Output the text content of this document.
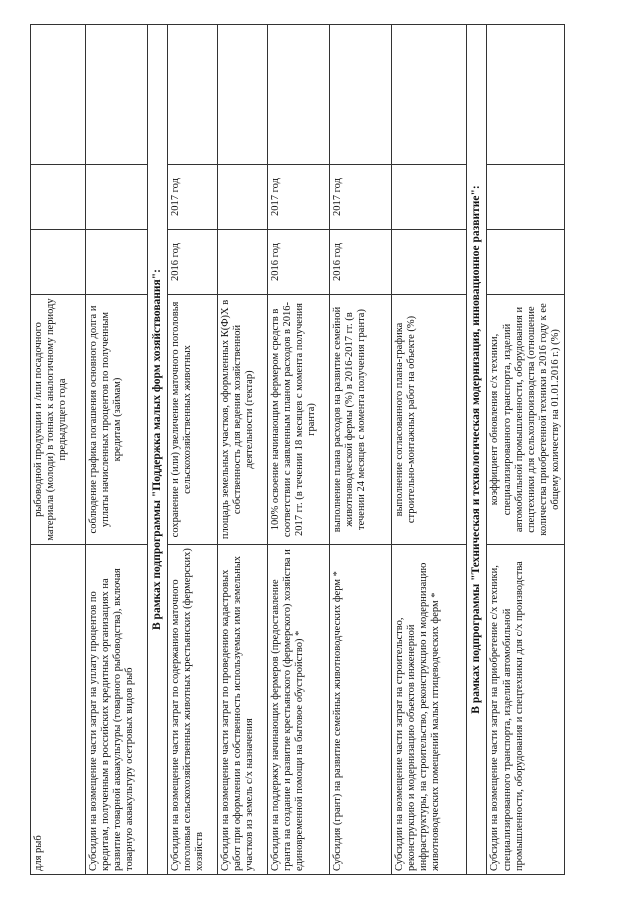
для рыб	рыбоводной продукции и /или посадочного материала (молоди) в тоннах к аналогичному периоду предыдущего года			
Субсидии на возмещение части затрат на уплату процентов по кредитам, полученным в российских кредитных организациях на развитие товарной аквакультуры (товарного рыбоводства), включая товарную аквакультуру осетровых видов рыб	соблюдение графика погашения основного долга и уплаты начисленных процентов по полученным кредитам (займам)			
В рамках подпрограммы "Поддержка малых форм хозяйствования":				
Субсидии на возмещение части затрат по содержанию маточного поголовья сельскохозяйственных животных крестьянских (фермерских) хозяйств	сохранение и (или) увеличение маточного поголовья сельскохозяйственных животных	2016 год	2017 год	
Субсидии на возмещение части затрат по проведению кадастровых работ при оформлении в собственность используемых ими земельных участков из земель с/х назначения	площадь земельных участков, оформленных К(Ф)Х в собственность для ведения хозяйственной деятельности (гектар)			
Субсидии на поддержку начинающих фермеров (предоставление гранта на создание и развитие крестьянского (фермерского) хозяйства и единовременной помощи на бытовое обустройство) *	100% освоение начинающим фермером средств в соответствии с заявленным планом расходов в 2016-2017 гг. (в течении 18 месяцев с момента получения гранта)	2016 год	2017 год	
Субсидия (грант) на развитие семейных животноводческих ферм *	выполнение плана расходов на развитие семейной животноводческой фермы (%) в 2016-2017 гг. (в течении 24 месяцев с момента получения гранта)	2016 год	2017 год	
Субсидии на возмещение части затрат на строительство, реконструкцию и модернизацию объектов инженерной инфраструктуры, на строительство, реконструкцию и модернизацию животноводческих помещений малых птицеводческих ферм *	выполнение согласованного плана-графика строительно-монтажных работ на объекте (%)			
В рамках подпрограммы "Техническая и технологическая модернизация, инновационное развитие":				
Субсидии на возмещение части затрат на приобретение с/х техники, специализированного транспорта, изделий автомобильной промышленности, оборудования и спецтехники для с/х производства	коэффициент обновления с/х техники, специализированного транспорта, изделий автомобильной промышленности, оборудования и спецтехники для сельхозпроизводства (отношение количества приобретенной техники в 2016 году к ее общему количеству на 01.01.2016 г.) (%)			
